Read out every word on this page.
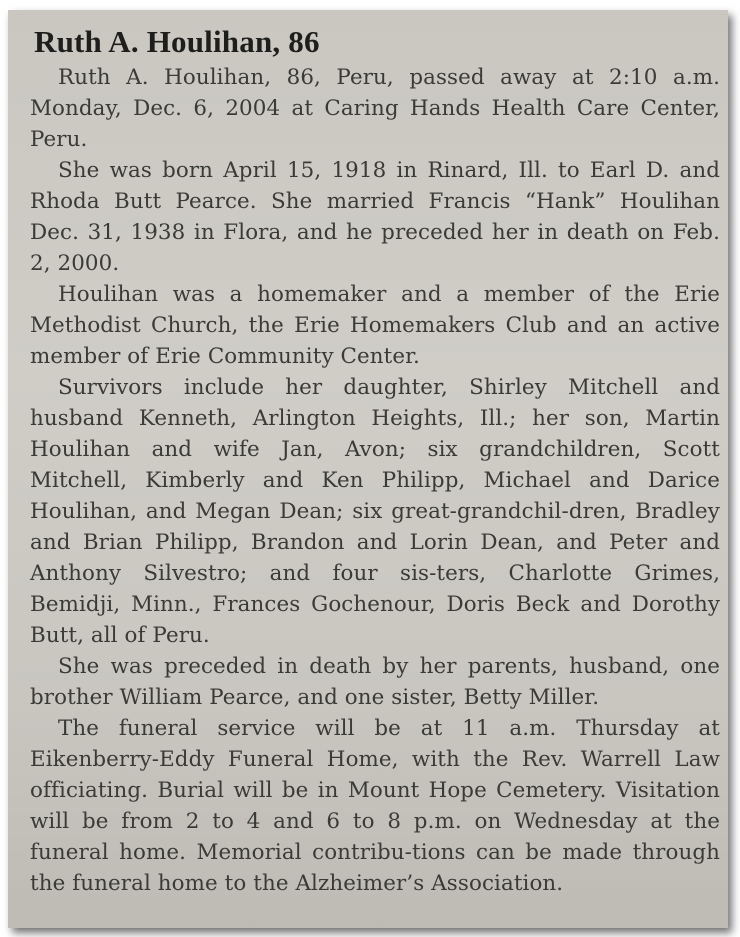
Ruth A. Houlihan, 86

Ruth A. Houlihan, 86, Peru, passed away at 2:10 a.m. Monday, Dec. 6, 2004 at Caring Hands Health Care Center, Peru.

She was born April 15, 1918 in Rinard, Ill. to Earl D. and Rhoda Butt Pearce. She married Francis “Hank” Houlihan Dec. 31, 1938 in Flora, and he preceded her in death on Feb. 2, 2000.

Houlihan was a homemaker and a member of the Erie Methodist Church, the Erie Homemakers Club and an active member of Erie Community Center.

Survivors include her daughter, Shirley Mitchell and husband Kenneth, Arlington Heights, Ill.; her son, Martin Houlihan and wife Jan, Avon; six grandchildren, Scott Mitchell, Kimberly and Ken Philipp, Michael and Darice Houlihan, and Megan Dean; six great-grandchil-dren, Bradley and Brian Philipp, Brandon and Lorin Dean, and Peter and Anthony Silvestro; and four sis-ters, Charlotte Grimes, Bemidji, Minn., Frances Gochenour, Doris Beck and Dorothy Butt, all of Peru.

She was preceded in death by her parents, husband, one brother William Pearce, and one sister, Betty Miller.

The funeral service will be at 11 a.m. Thursday at Eikenberry-Eddy Funeral Home, with the Rev. Warrell Law officiating. Burial will be in Mount Hope Cemetery. Visitation will be from 2 to 4 and 6 to 8 p.m. on Wednesday at the funeral home. Memorial contribu-tions can be made through the funeral home to the Alzheimer’s Association.
